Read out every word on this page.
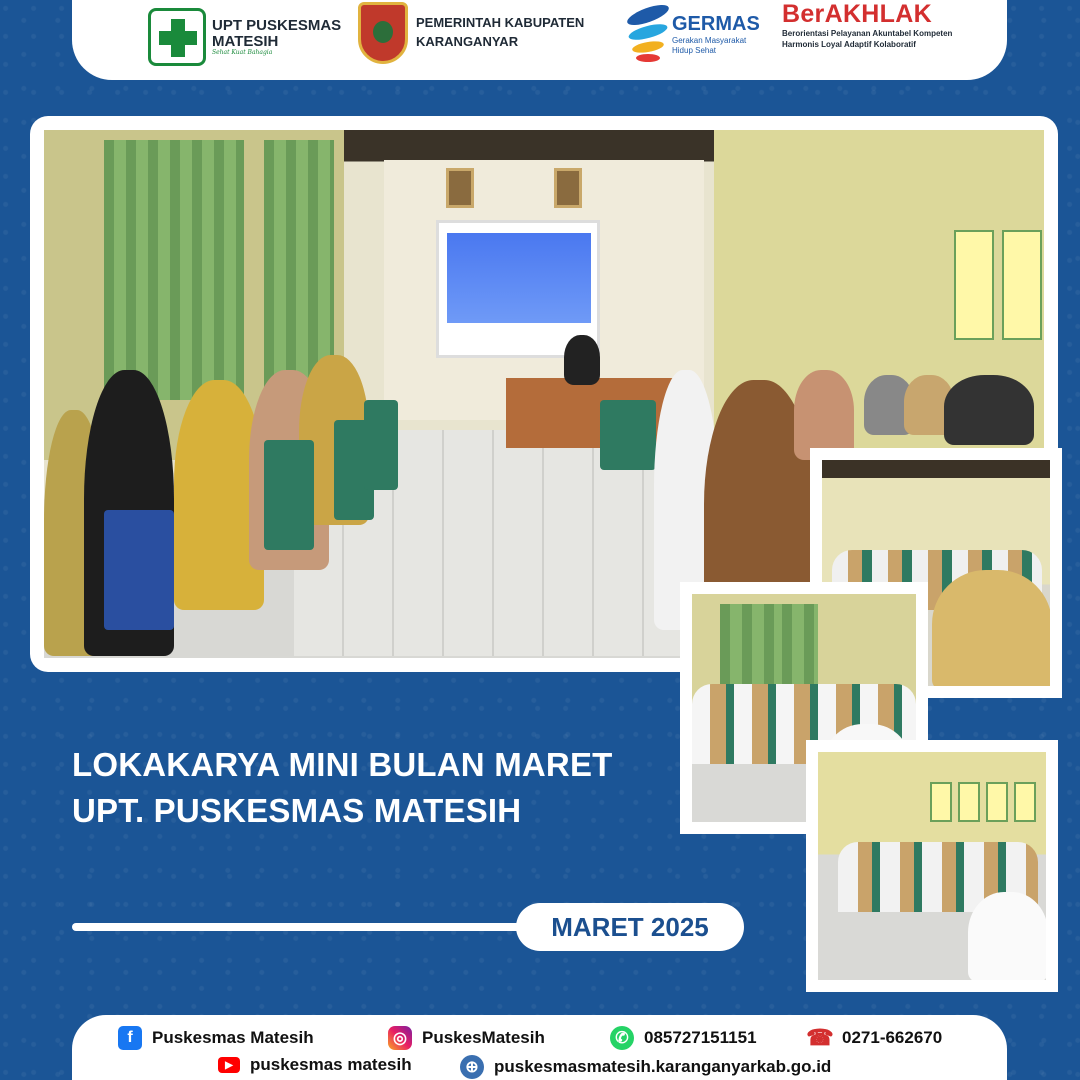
UPT PUSKESMAS
MATESIH
Sehat Kuat Bahagia
PEMERINTAH KABUPATEN
KARANGANYAR
GERMAS
Gerakan Masyarakat
Hidup Sehat
BerAKHLAK
Berorientasi Pelayanan Akuntabel Kompeten
Harmonis Loyal Adaptif Kolaboratif
LOKAKARYA MINI BULAN MARET
UPT. PUSKESMAS MATESIH
MARET 2025
f	Puskesmas Matesih	◎ PuskesMatesih	✆ 085727151151 ☎ 0271-662670
▶	puskesmas matesih	⊕ puskesmasmatesih.karanganyarkab.go.id
